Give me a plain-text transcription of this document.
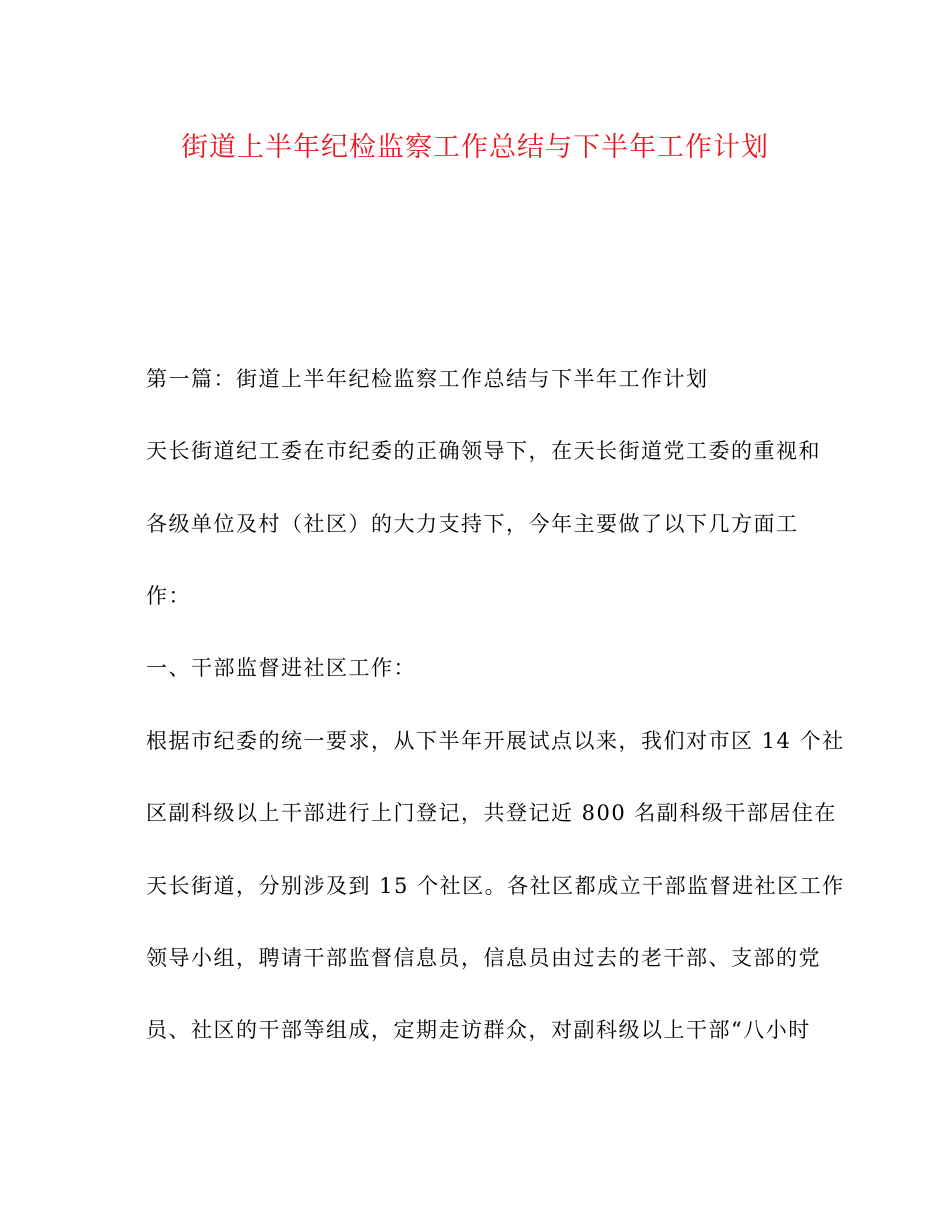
街道上半年纪检监察工作总结与下半年工作计划
第一篇：街道上半年纪检监察工作总结与下半年工作计划
天长街道纪工委在市纪委的正确领导下，在天长街道党工委的重视和
各级单位及村（社区）的大力支持下，今年主要做了以下几方面工
作：
一、干部监督进社区工作：
根据市纪委的统一要求，从下半年开展试点以来，我们对市区 14 个社
区副科级以上干部进行上门登记，共登记近 800 名副科级干部居住在
天长街道，分别涉及到 15 个社区。各社区都成立干部监督进社区工作
领导小组，聘请干部监督信息员，信息员由过去的老干部、支部的党
员、社区的干部等组成，定期走访群众，对副科级以上干部“八小时
